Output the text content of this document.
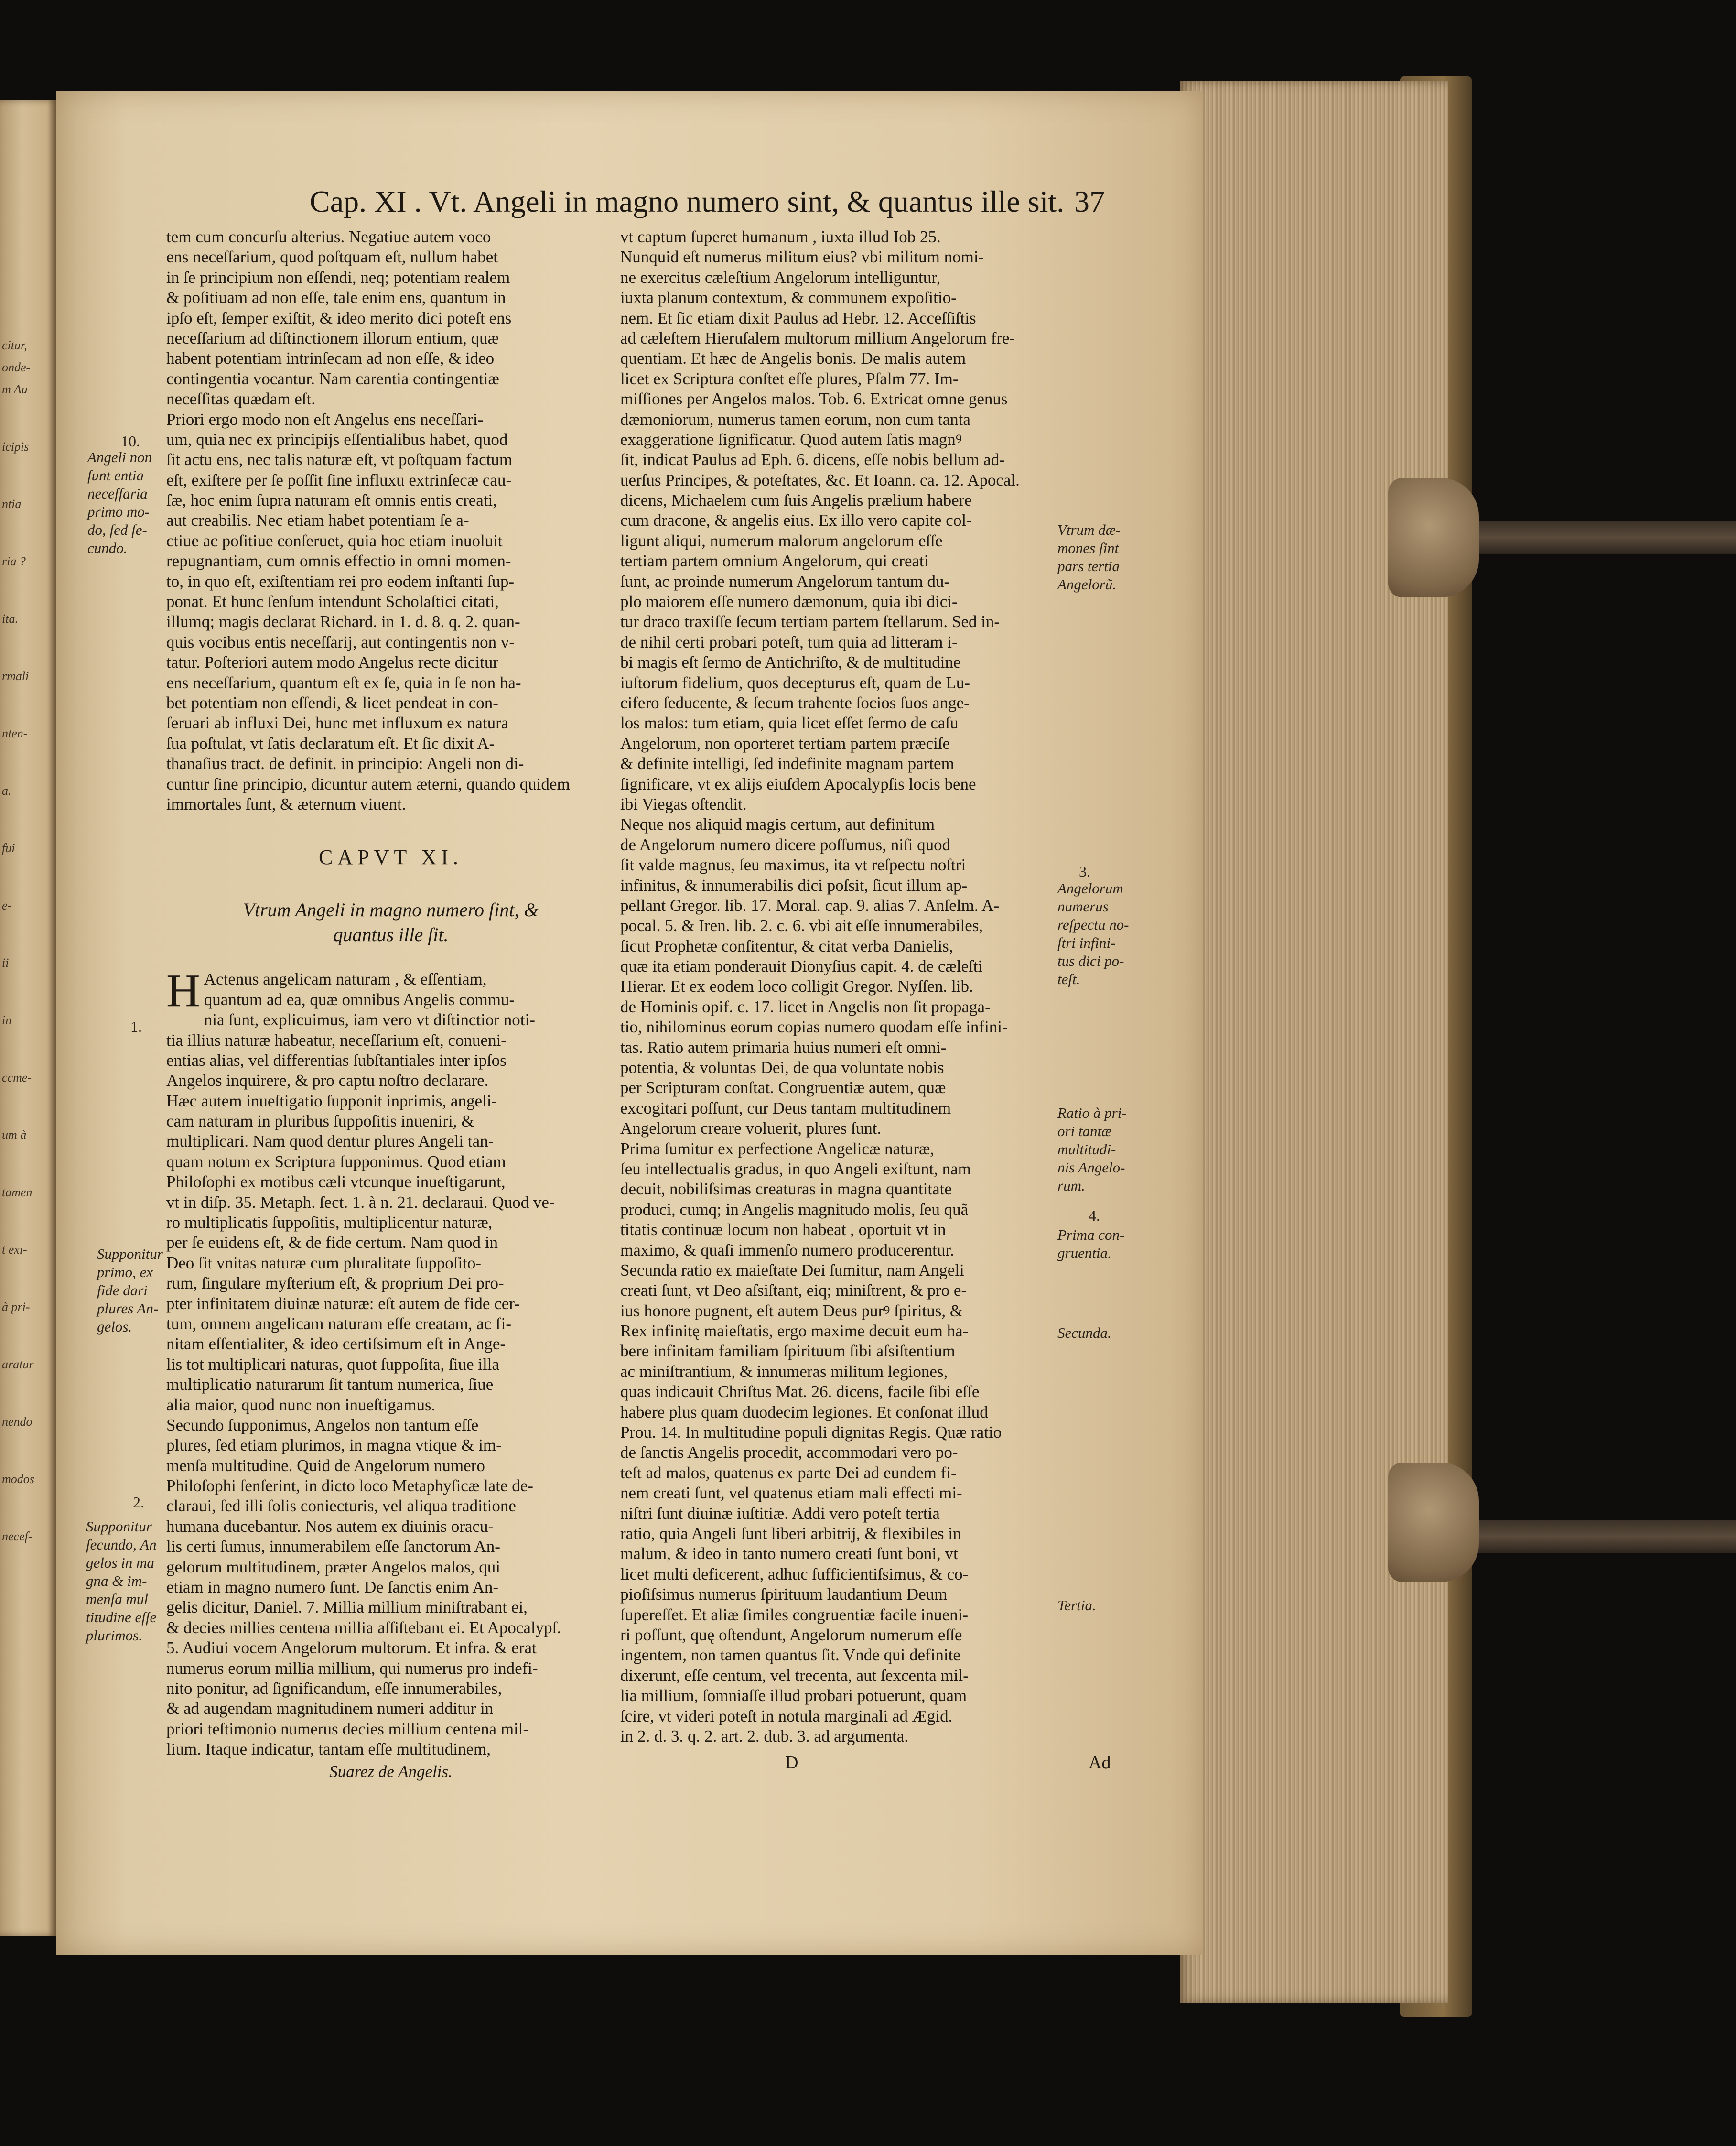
citur,
onde-
m Au
icipis
ntia
ria ?
ita.
rmali
nten-
a.
fui
e-
ii
in
ccme-
um à
tamen
t exi-
à pri-
aratur
nendo
modos
necef-
Cap. XI . Vt. Angeli in magno numero sint, & quantus ille sit. 37
10.
Angeli non
ſunt entia
neceſſaria
primo mo-
do, ſed ſe-
cundo.
1.
Supponitur
primo, ex
fide dari
plures An-
gelos.
2.
Supponitur
ſecundo, An
gelos in ma
gna & im-
menſa mul
titudine eſſe
plurimos.
tem cum concurſu alterius. Negatiue autem voco
ens neceſſarium, quod poſtquam eſt, nullum habet
in ſe principium non eſſendi, neq; potentiam realem
& poſitiuam ad non eſſe, tale enim ens, quantum in
ipſo eſt, ſemper exiſtit, & ideo merito dici poteſt ens
neceſſarium ad diſtinctionem illorum entium, quæ
habent potentiam intrinſecam ad non eſſe, & ideo
contingentia vocantur. Nam carentia contingentiæ
neceſſitas quædam eſt.
Priori ergo modo non eſt Angelus ens neceſſari-
um, quia nec ex principijs eſſentialibus habet, quod
ſit actu ens, nec talis naturæ eſt, vt poſtquam factum
eſt, exiſtere per ſe poſſit ſine influxu extrinſecæ cau-
ſæ, hoc enim ſupra naturam eſt omnis entis creati,
aut creabilis. Nec etiam habet potentiam ſe a-
ctiue ac poſitiue conſeruet, quia hoc etiam inuoluit
repugnantiam, cum omnis effectio in omni momen-
to, in quo eſt, exiſtentiam rei pro eodem inſtanti ſup-
ponat. Et hunc ſenſum intendunt Scholaſtici citati,
illumq; magis declarat Richard. in 1. d. 8. q. 2. quan-
quis vocibus entis neceſſarij, aut contingentis non v-
tatur. Poſteriori autem modo Angelus recte dicitur
ens neceſſarium, quantum eſt ex ſe, quia in ſe non ha-
bet potentiam non eſſendi, & licet pendeat in con-
ſeruari ab influxi Dei, hunc met influxum ex natura
ſua poſtulat, vt ſatis declaratum eſt. Et ſic dixit A-
thanaſius tract. de definit. in principio: Angeli non di-
cuntur ſine principio, dicuntur autem æterni, quando quidem
immortales ſunt, & æternum viuent.
CAPVT XI.
Vtrum Angeli in magno numero ſint, &
quantus ille ſit.
H Actenus angelicam naturam , & eſſentiam,
quantum ad ea, quæ omnibus Angelis commu-
nia ſunt, explicuimus, iam vero vt diſtinctior noti-
tia illius naturæ habeatur, neceſſarium eſt, conueni-
entias alias, vel differentias ſubſtantiales inter ipſos
Angelos inquirere, & pro captu noſtro declarare.
Hæc autem inueſtigatio ſupponit inprimis, angeli-
cam naturam in pluribus ſuppoſitis inueniri, &
multiplicari. Nam quod dentur plures Angeli tan-
quam notum ex Scriptura ſupponimus. Quod etiam
Philoſophi ex motibus cæli vtcunque inueſtigarunt,
vt in diſp. 35. Metaph. ſect. 1. à n. 21. declaraui. Quod ve-
ro multiplicatis ſuppoſitis, multiplicentur naturæ,
per ſe euidens eſt, & de fide certum. Nam quod in
Deo ſit vnitas naturæ cum pluralitate ſuppoſito-
rum, ſingulare myſterium eſt, & proprium Dei pro-
pter infinitatem diuinæ naturæ: eſt autem de fide cer-
tum, omnem angelicam naturam eſſe creatam, ac fi-
nitam eſſentialiter, & ideo certiſsimum eſt in Ange-
lis tot multiplicari naturas, quot ſuppoſita, ſiue illa
multiplicatio naturarum ſit tantum numerica, ſiue
alia maior, quod nunc non inueſtigamus.
Secundo ſupponimus, Angelos non tantum eſſe
plures, ſed etiam plurimos, in magna vtique & im-
menſa multitudine. Quid de Angelorum numero
Philoſophi ſenſerint, in dicto loco Metaphyſicæ late de-
claraui, ſed illi ſolis coniecturis, vel aliqua traditione
humana ducebantur. Nos autem ex diuinis oracu-
lis certi ſumus, innumerabilem eſſe ſanctorum An-
gelorum multitudinem, præter Angelos malos, qui
etiam in magno numero ſunt. De ſanctis enim An-
gelis dicitur, Daniel. 7. Millia millium miniſtrabant ei,
& decies millies centena millia aſſiſtebant ei. Et Apocalypſ.
5. Audiui vocem Angelorum multorum. Et infra. & erat
numerus eorum millia millium, qui numerus pro indefi-
nito ponitur, ad ſignificandum, eſſe innumerabiles,
& ad augendam magnitudinem numeri additur in
priori teſtimonio numerus decies millium centena mil-
lium. Itaque indicatur, tantam eſſe multitudinem,
Suarez de Angelis.
vt captum ſuperet humanum , iuxta illud Iob 25.
Nunquid eſt numerus militum eius? vbi militum nomi-
ne exercitus cæleſtium Angelorum intelliguntur,
iuxta planum contextum, & communem expoſitio-
nem. Et ſic etiam dixit Paulus ad Hebr. 12. Acceſſiſtis
ad cæleſtem Hieruſalem multorum millium Angelorum fre-
quentiam. Et hæc de Angelis bonis. De malis autem
licet ex Scriptura conſtet eſſe plures, Pſalm 77. Im-
miſſiones per Angelos malos. Tob. 6. Extricat omne genus
dæmoniorum, numerus tamen eorum, non cum tanta
exaggeratione ſignificatur. Quod autem ſatis magnꝰ
ſit, indicat Paulus ad Eph. 6. dicens, eſſe nobis bellum ad-
uerſus Principes, & poteſtates, &c. Et Ioann. ca. 12. Apocal.
dicens, Michaelem cum ſuis Angelis prælium habere
cum dracone, & angelis eius. Ex illo vero capite col-
ligunt aliqui, numerum malorum angelorum eſſe
tertiam partem omnium Angelorum, qui creati
ſunt, ac proinde numerum Angelorum tantum du-
plo maiorem eſſe numero dæmonum, quia ibi dici-
tur draco traxiſſe ſecum tertiam partem ſtellarum. Sed in-
de nihil certi probari poteſt, tum quia ad litteram i-
bi magis eſt ſermo de Antichriſto, & de multitudine
iuſtorum fidelium, quos decepturus eſt, quam de Lu-
cifero ſeducente, & ſecum trahente ſocios ſuos ange-
los malos: tum etiam, quia licet eſſet ſermo de caſu
Angelorum, non oporteret tertiam partem præciſe
& definite intelligi, ſed indefinite magnam partem
ſignificare, vt ex alijs eiuſdem Apocalypſis locis bene
ibi Viegas oſtendit.
Neque nos aliquid magis certum, aut definitum
de Angelorum numero dicere poſſumus, niſi quod
ſit valde magnus, ſeu maximus, ita vt reſpectu noſtri
infinitus, & innumerabilis dici poſsit, ſicut illum ap-
pellant Gregor. lib. 17. Moral. cap. 9. alias 7. Anſelm. A-
pocal. 5. & Iren. lib. 2. c. 6. vbi ait eſſe innumerabiles,
ſicut Prophetæ conſitentur, & citat verba Danielis,
quæ ita etiam ponderauit Dionyſius capit. 4. de cæleſti
Hierar. Et ex eodem loco colligit Gregor. Nyſſen. lib.
de Hominis opif. c. 17. licet in Angelis non ſit propaga-
tio, nihilominus eorum copias numero quodam eſſe infini-
tas. Ratio autem primaria huius numeri eſt omni-
potentia, & voluntas Dei, de qua voluntate nobis
per Scripturam conſtat. Congruentiæ autem, quæ
excogitari poſſunt, cur Deus tantam multitudinem
Angelorum creare voluerit, plures ſunt.
Prima ſumitur ex perfectione Angelicæ naturæ,
ſeu intellectualis gradus, in quo Angeli exiſtunt, nam
decuit, nobiliſsimas creaturas in magna quantitate
produci, cumq; in Angelis magnitudo molis, ſeu quã
titatis continuæ locum non habeat , oportuit vt in
maximo, & quaſi immenſo numero producerentur.
Secunda ratio ex maieſtate Dei ſumitur, nam Angeli
creati ſunt, vt Deo aſsiſtant, eiq; miniſtrent, & pro e-
ius honore pugnent, eſt autem Deus purꝰ ſpiritus, &
Rex infinitę maieſtatis, ergo maxime decuit eum ha-
bere infinitam familiam ſpirituum ſibi aſsiſtentium
ac miniſtrantium, & innumeras militum legiones,
quas indicauit Chriſtus Mat. 26. dicens, facile ſibi eſſe
habere plus quam duodecim legiones. Et conſonat illud
Prou. 14. In multitudine populi dignitas Regis. Quæ ratio
de ſanctis Angelis procedit, accommodari vero po-
teſt ad malos, quatenus ex parte Dei ad eundem fi-
nem creati ſunt, vel quatenus etiam mali effecti mi-
niſtri ſunt diuinæ iuſtitiæ. Addi vero poteſt tertia
ratio, quia Angeli ſunt liberi arbitrij, & flexibiles in
malum, & ideo in tanto numero creati ſunt boni, vt
licet multi deficerent, adhuc ſufficientiſsimus, & co-
pioſiſsimus numerus ſpirituum laudantium Deum
ſupereſſet. Et aliæ ſimiles congruentiæ facile inueni-
ri poſſunt, quę oſtendunt, Angelorum numerum eſſe
ingentem, non tamen quantus ſit. Vnde qui definite
dixerunt, eſſe centum, vel trecenta, aut ſexcenta mil-
lia millium, ſomniaſſe illud probari potuerunt, quam
ſcire, vt videri poteſt in notula marginali ad Ægid.
in 2. d. 3. q. 2. art. 2. dub. 3. ad argumenta.
D	Ad
Vtrum dæ-
mones ſint
pars tertia
Angelorũ.
3.
Angelorum
numerus
reſpectu no-
ſtri infini-
tus dici po-
teſt.
Ratio à pri-
ori tantæ
multitudi-
nis Angelo-
rum.
4.
Prima con-
gruentia.
Secunda.
Tertia.
